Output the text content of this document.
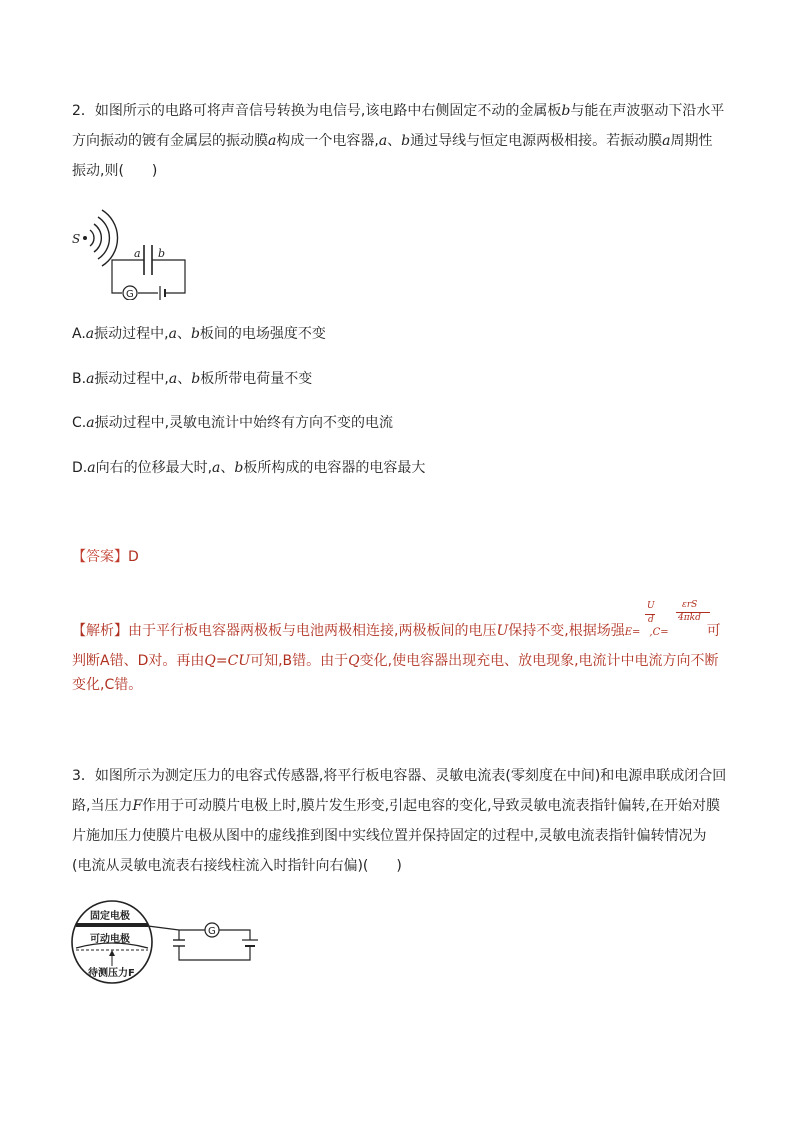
2．如图所示的电路可将声音信号转换为电信号,该电路中右侧固定不动的金属板b与能在声波驱动下沿水平
方向振动的镀有金属层的振动膜a构成一个电容器,a、b通过导线与恒定电源两极相接。若振动膜a周期性
振动,则(　　)
S
a b
G
A.a振动过程中,a、b板间的电场强度不变
B.a振动过程中,a、b板所带电荷量不变
C.a振动过程中,灵敏电流计中始终有方向不变的电流
D.a向右的位移最大时,a、b板所构成的电容器的电容最大
【答案】D
【解析】由于平行板电容器两极板与电池两极相连接,两极板间的电压U保持不变,根据场强E= ,C=	可
U
d
εrS
4πkd
判断A错、D对。再由Q=CU可知,B错。由于Q变化,使电容器出现充电、放电现象,电流计中电流方向不断
变化,C错。
3．如图所示为测定压力的电容式传感器,将平行板电容器、灵敏电流表(零刻度在中间)和电源串联成闭合回
路,当压力F作用于可动膜片电极上时,膜片发生形变,引起电容的变化,导致灵敏电流表指针偏转,在开始对膜
片施加压力使膜片电极从图中的虚线推到图中实线位置并保持固定的过程中,灵敏电流表指针偏转情况为
(电流从灵敏电流表右接线柱流入时指针向右偏)(　　)
固定电极
可动电极
待测压力F
G
